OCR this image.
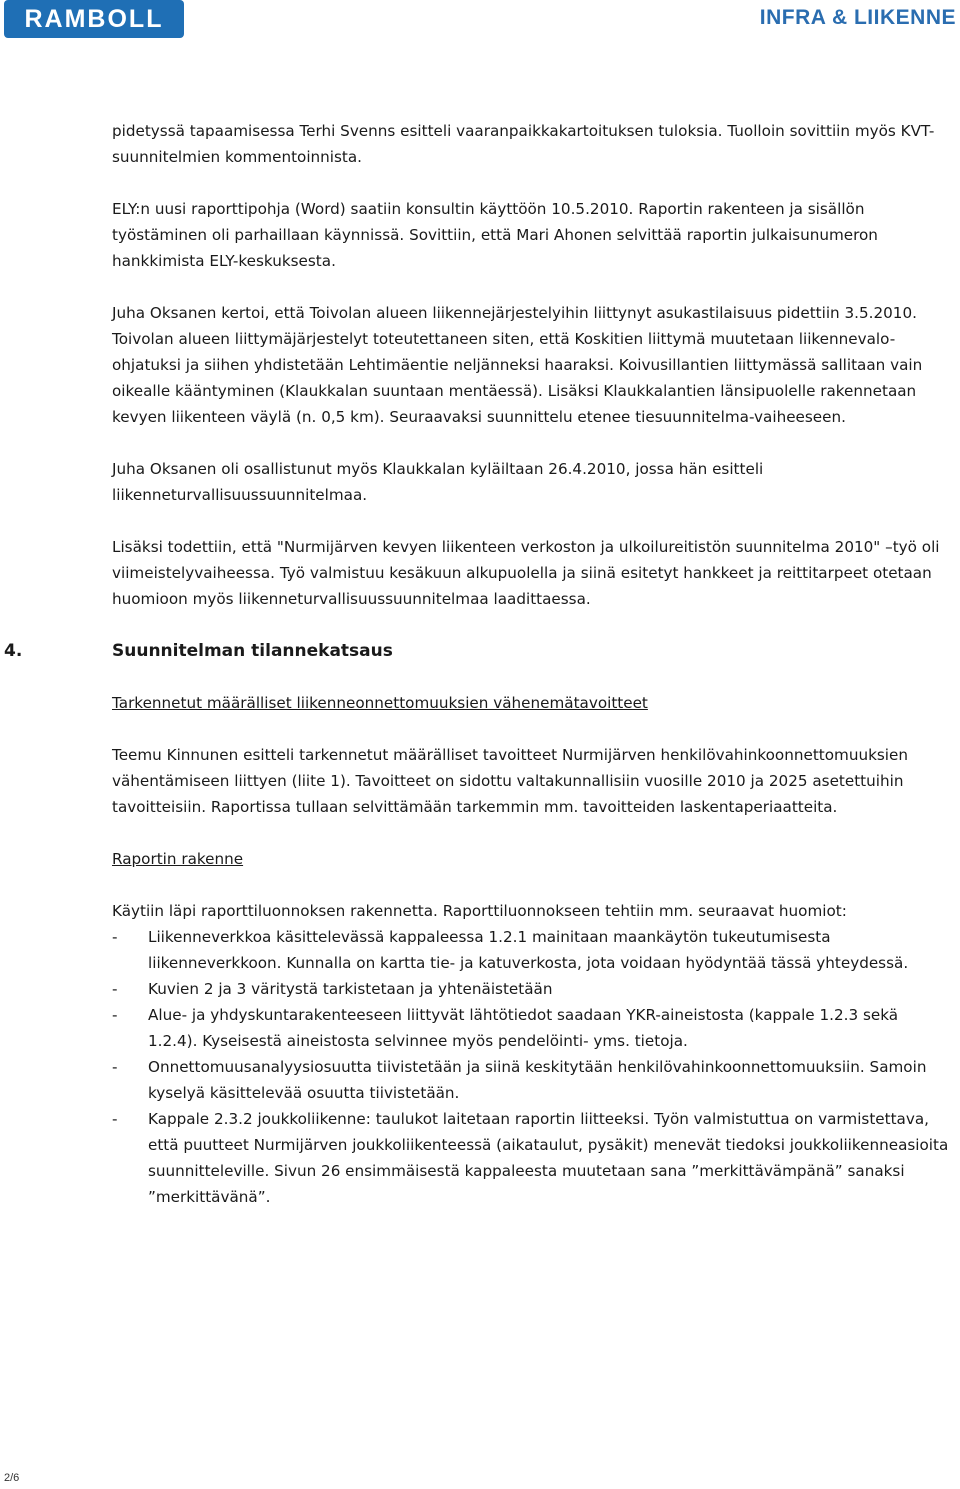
RAMBOLL	INFRA & LIIKENNE

pidetyssä tapaamisessa Terhi Svenns esitteli vaaranpaikkakartoituksen tuloksia. Tuolloin sovittiin myös KVT-suunnitelmien kommentoinnista.

ELY:n uusi raporttipohja (Word) saatiin konsultin käyttöön 10.5.2010. Raportin rakenteen ja sisällön työstäminen oli parhaillaan käynnissä. Sovittiin, että Mari Ahonen selvittää raportin julkaisunumeron hankkimista ELY-keskuksesta.

Juha Oksanen kertoi, että Toivolan alueen liikennejärjestelyihin liittynyt asukastilaisuus pidettiin 3.5.2010. Toivolan alueen liittymäjärjestelyt toteutettaneen siten, että Koskitien liittymä muutetaan liikennevalo-ohjatuksi ja siihen yhdistetään Lehtimäentie neljänneksi haaraksi. Koivusillantien liittymässä sallitaan vain oikealle kääntyminen (Klaukkalan suuntaan mentäessä). Lisäksi Klaukkalantien länsipuolelle rakennetaan kevyen liikenteen väylä (n. 0,5 km). Seuraavaksi suunnittelu etenee tiesuunnitelma-vaiheeseen.

Juha Oksanen oli osallistunut myös Klaukkalan kyläiltaan 26.4.2010, jossa hän esitteli liikenneturvallisuussuunnitelmaa.

Lisäksi todettiin, että "Nurmijärven kevyen liikenteen verkoston ja ulkoilureitistön suunnitelma 2010" –työ oli viimeistelyvaiheessa. Työ valmistuu kesäkuun alkupuolella ja siinä esitetyt hankkeet ja reittitarpeet otetaan huomioon myös liikenneturvallisuussuunnitelmaa laadittaessa.

4.	Suunnitelman tilannekatsaus

Tarkennetut määrälliset liikenneonnettomuuksien vähenemätavoitteet

Teemu Kinnunen esitteli tarkennetut määrälliset tavoitteet Nurmijärven henkilövahinkoonnettomuuksien vähentämiseen liittyen (liite 1). Tavoitteet on sidottu valtakunnallisiin vuosille 2010 ja 2025 asetettuihin tavoitteisiin. Raportissa tullaan selvittämään tarkemmin mm. tavoitteiden laskentaperiaatteita.

Raportin rakenne

Käytiin läpi raporttiluonnoksen rakennetta. Raporttiluonnokseen tehtiin mm. seuraavat huomiot:

- Liikenneverkkoa käsittelevässä kappaleessa 1.2.1 mainitaan maankäytön tukeutumisesta liikenneverkkoon. Kunnalla on kartta tie- ja katuverkosta, jota voidaan hyödyntää tässä yhteydessä.
- Kuvien 2 ja 3 väritystä tarkistetaan ja yhtenäistetään
- Alue- ja yhdyskuntarakenteeseen liittyvät lähtötiedot saadaan YKR-aineistosta (kappale 1.2.3 sekä 1.2.4). Kyseisestä aineistosta selvinnee myös pendelöinti- yms. tietoja.
- Onnettomuusanalyysiosuutta tiivistetään ja siinä keskitytään henkilövahinkoonnettomuuksiin. Samoin kyselyä käsittelevää osuutta tiivistetään.
- Kappale 2.3.2 joukkoliikenne: taulukot laitetaan raportin liitteeksi. Työn valmistuttua on varmistettava, että puutteet Nurmijärven joukkoliikenteessä (aikataulut, pysäkit) menevät tiedoksi joukkoliikenneasioita suunnitteleville. Sivun 26 ensimmäisestä kappaleesta muutetaan sana ”merkittävämpänä” sanaksi ”merkittävänä”.
2/6
